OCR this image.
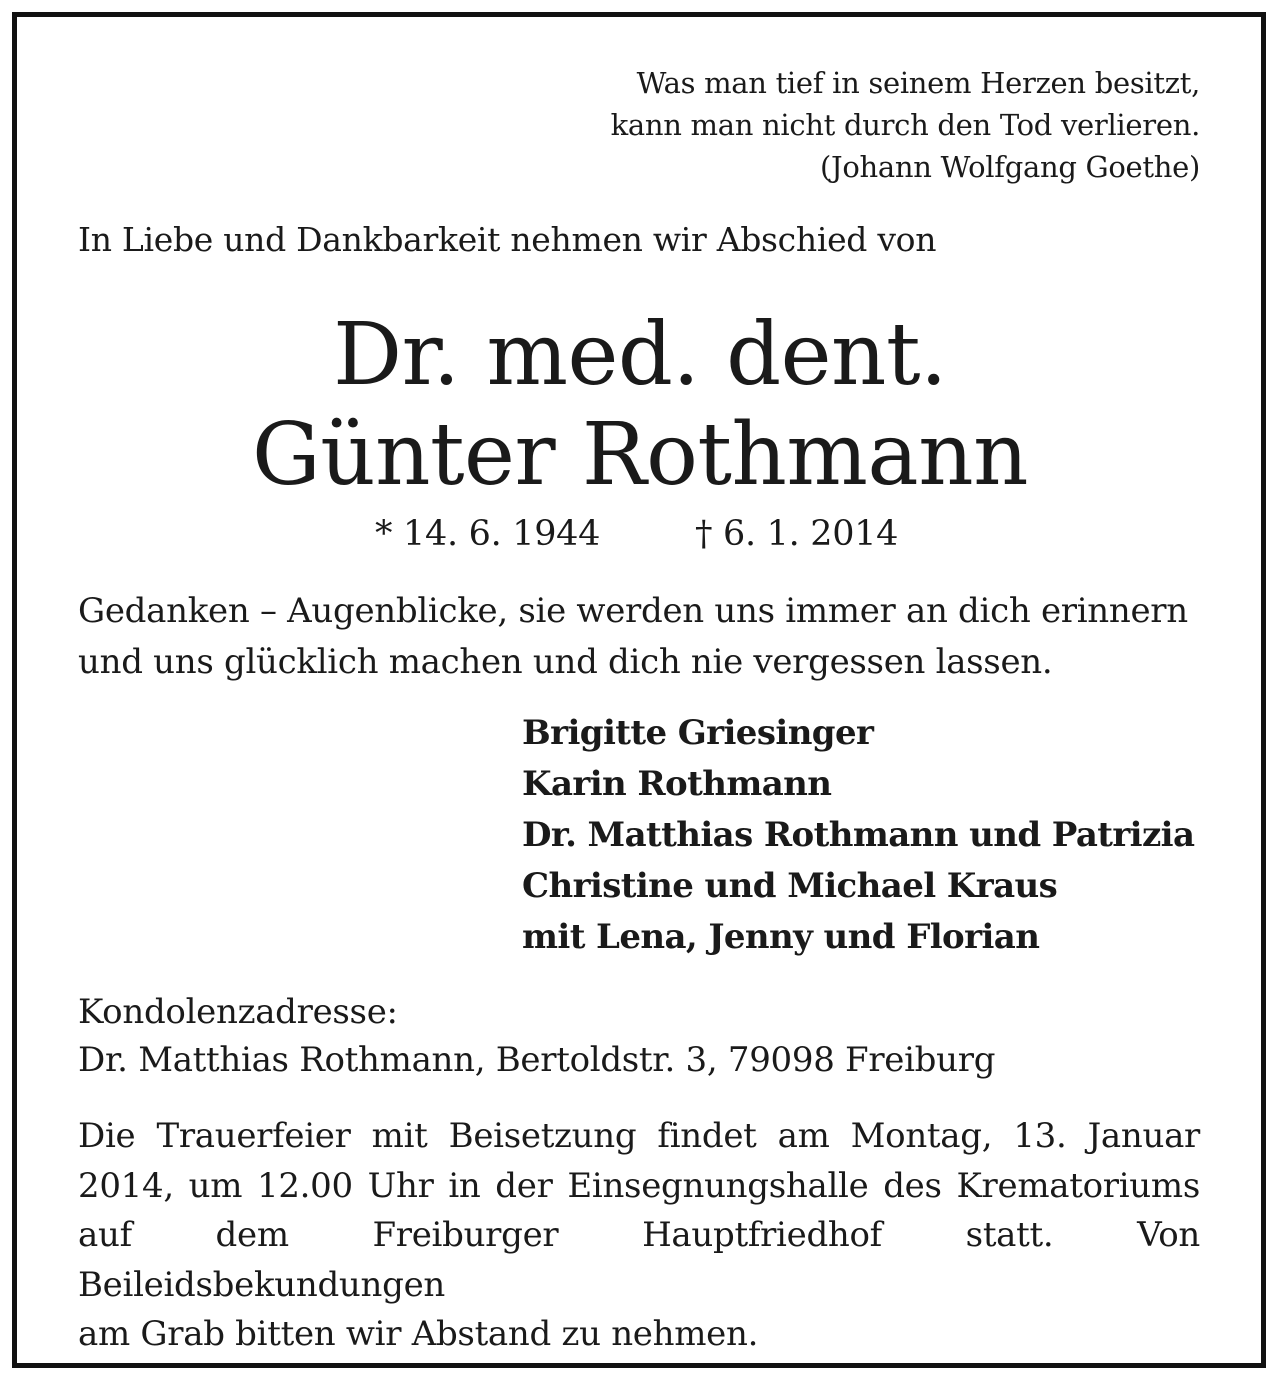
Was man tief in seinem Herzen besitzt,
kann man nicht durch den Tod verlieren.
(Johann Wolfgang Goethe)
In Liebe und Dankbarkeit nehmen wir Abschied von
Dr. med. dent.
Günter Rothmann
* 14. 6. 1944	† 6. 1. 2014
Gedanken – Augenblicke, sie werden uns immer an dich erinnern
und uns glücklich machen und dich nie vergessen lassen.
Brigitte Griesinger
Karin Rothmann
Dr. Matthias Rothmann und Patrizia
Christine und Michael Kraus
mit Lena, Jenny und Florian
Kondolenzadresse:
Dr. Matthias Rothmann, Bertoldstr. 3, 79098 Freiburg
Die Trauerfeier mit Beisetzung findet am Montag, 13. Januar
2014, um 12.00 Uhr in der Einsegnungshalle des Krematoriums
auf dem Freiburger Hauptfriedhof statt. Von Beileidsbekundungen
am Grab bitten wir Abstand zu nehmen.
